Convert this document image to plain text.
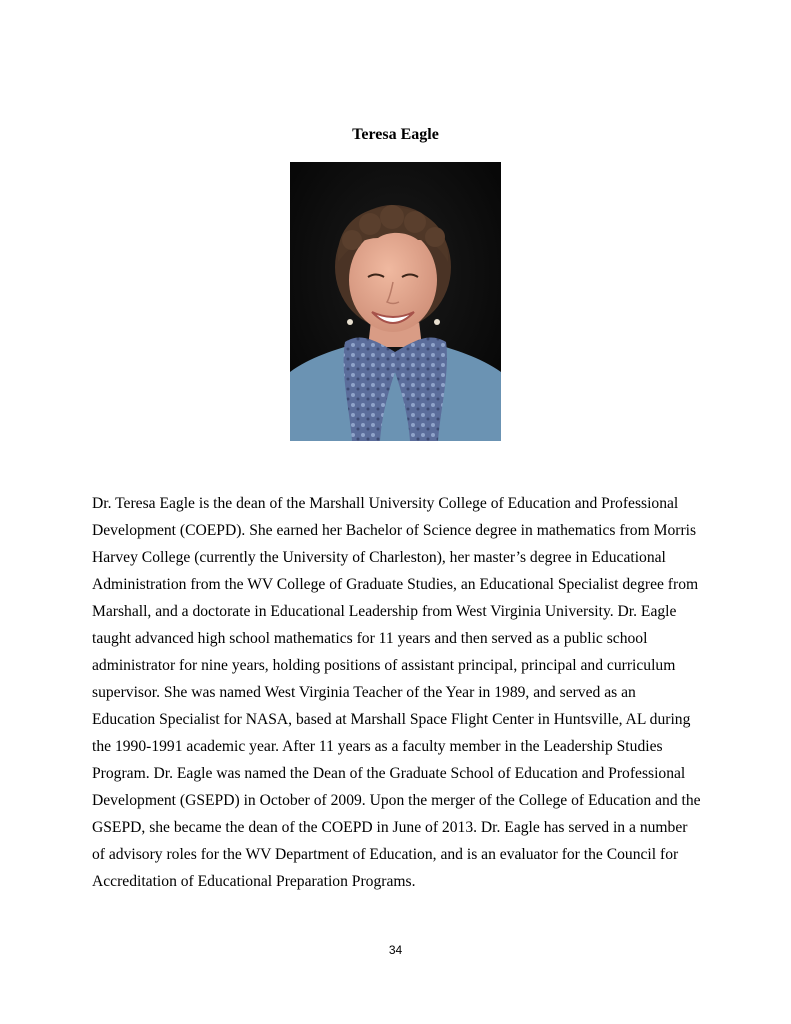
Teresa Eagle

Dr. Teresa Eagle is the dean of the Marshall University College of Education and Professional Development (COEPD). She earned her Bachelor of Science degree in mathematics from Morris Harvey College (currently the University of Charleston), her master’s degree in Educational Administration from the WV College of Graduate Studies, an Educational Specialist degree from Marshall, and a doctorate in Educational Leadership from West Virginia University. Dr. Eagle taught advanced high school mathematics for 11 years and then served as a public school administrator for nine years, holding positions of assistant principal, principal and curriculum supervisor. She was named West Virginia Teacher of the Year in 1989, and served as an Education Specialist for NASA, based at Marshall Space Flight Center in Huntsville, AL during the 1990-1991 academic year. After 11 years as a faculty member in the Leadership Studies Program. Dr. Eagle was named the Dean of the Graduate School of Education and Professional Development (GSEPD) in October of 2009. Upon the merger of the College of Education and the GSEPD, she became the dean of the COEPD in June of 2013. Dr. Eagle has served in a number of advisory roles for the WV Department of Education, and is an evaluator for the Council for Accreditation of Educational Preparation Programs.

34
